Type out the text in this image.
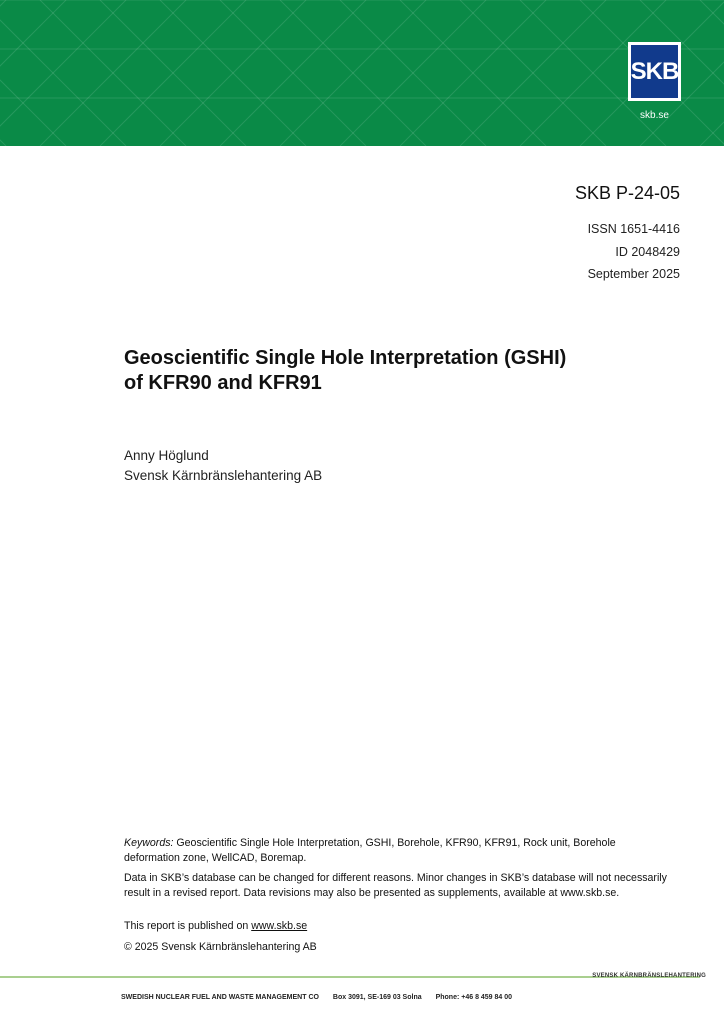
SKB
skb.se
SKB P-24-05
ISSN 1651-4416
ID 2048429
September 2025
Geoscientific Single Hole Interpretation (GSHI)
of KFR90 and KFR91
Anny Höglund
Svensk Kärnbränslehantering AB
Keywords: Geoscientific Single Hole Interpretation, GSHI, Borehole, KFR90, KFR91, Rock unit, Borehole deformation zone, WellCAD, Boremap.
Data in SKB’s database can be changed for different reasons. Minor changes in SKB’s database will not necessarily result in a revised report. Data revisions may also be presented as supplements, available at www.skb.se.
This report is published on www.skb.se
© 2025 Svensk Kärnbränslehantering AB
SVENSK KÄRNBRÄNSLEHANTERING
SWEDISH NUCLEAR FUEL AND WASTE MANAGEMENT CO Box 3091, SE-169 03 Solna Phone: +46 8 459 84 00
